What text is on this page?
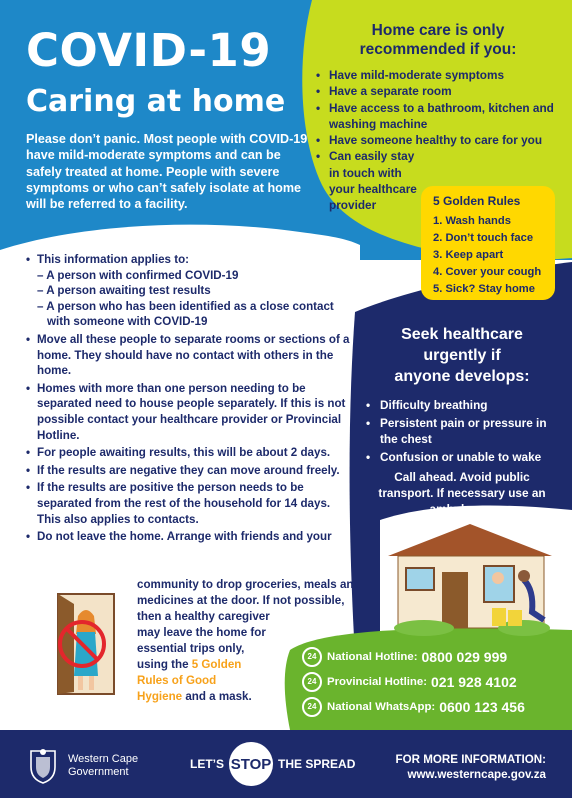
COVID-19
Caring at home

Please don’t panic. Most people with COVID-19 have mild-moderate symptoms and can be safely treated at home. People with severe symptoms or who can’t safely isolate at home will be referred to a facility.

Home care is only
recommended if you:
• Have mild-moderate symptoms
• Have a separate room
• Have access to a bathroom, kitchen and washing machine
• Have someone healthy to care for you
• Can easily stay in touch with your healthcare provider	5 Golden Rules
1. Wash hands
2. Don’t touch face
3. Keep apart
4. Cover your cough
5. Sick? Stay home
Seek healthcare
urgently if
anyone develops:
• Difficulty breathing
• Persistent pain or pressure in the chest
• Confusion or unable to wake
Call ahead. Avoid public transport. If necessary use an ambulance.
• This information applies to:
– A person with confirmed COVID-19
– A person awaiting test results
– A person who has been identified as a close contact with someone with COVID-19
• Move all these people to separate rooms or sections of a home. They should have no contact with others in the home.
• Homes with more than one person needing to be separated need to house people separately. If this is not possible contact your healthcare provider or Provincial Hotline.
• For people awaiting results, this will be about 2 days.
• If the results are negative they can move around freely.
• If the results are positive the person needs to be separated from the rest of the household for 14 days. This also applies to contacts.
• Do not leave the home. Arrange with friends and your
community to drop groceries, meals and
medicines at the door. If not possible,
then a healthy caregiver
may leave the home for
essential trips only,
using the 5 Golden
Rules of Good
Hygiene and a mask.
24 National Hotline: 0800 029 999
24 Provincial Hotline: 021 928 4102
24 National WhatsApp: 0600 123 456
Western Cape
Government
LET’S STOP THE SPREAD	FOR MORE INFORMATION:
www.westerncape.gov.za
